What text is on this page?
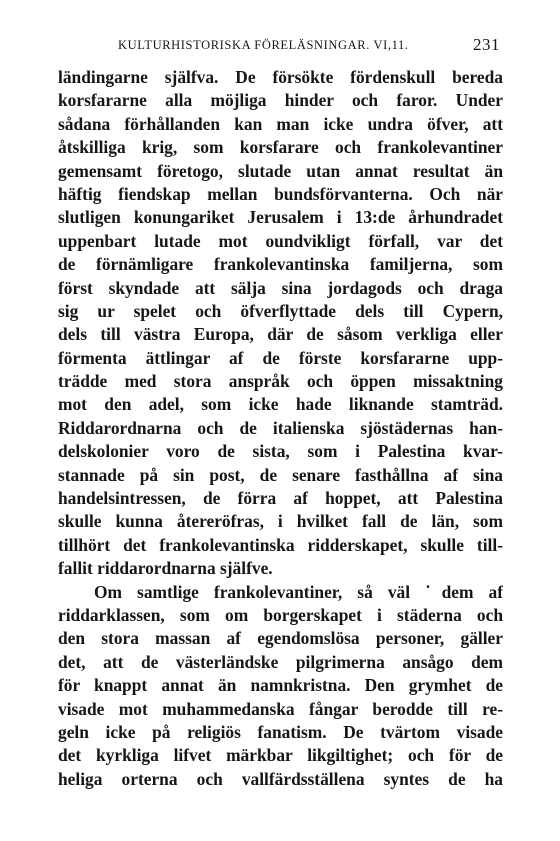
KULTURHISTORISKA FÖRELÄSNINGAR. VI,11.	231
ländingarne själfva. De försökte fördenskull bereda
korsfararne alla möjliga hinder och faror. Under
sådana förhållanden kan man icke undra öfver, att
åtskilliga krig, som korsfarare och frankolevantiner
gemensamt företogo, slutade utan annat resultat än
häftig fiendskap mellan bundsförvanterna. Och när
slutligen konungariket Jerusalem i 13:de århundradet
uppenbart lutade mot oundvikligt förfall, var det
de förnämligare frankolevantinska familjerna, som
först skyndade att sälja sina jordagods och draga
sig ur spelet och öfverflyttade dels till Cypern,
dels till västra Europa, där de såsom verkliga eller
förmenta ättlingar af de förste korsfararne upp-
trädde med stora anspråk och öppen missaktning
mot den adel, som icke hade liknande stamträd.
Riddarordnarna och de italienska sjöstädernas han-
delskolonier voro de sista, som i Palestina kvar-
stannade på sin post, de senare fasthållna af sina
handelsintressen, de förra af hoppet, att Palestina
skulle kunna återeröfras, i hvilket fall de län, som
tillhört det frankolevantinska ridderskapet, skulle till-
fallit riddarordnarna själfve.
Om samtlige frankolevantiner, så väl ˙dem af
riddarklassen, som om borgerskapet i städerna och
den stora massan af egendomslösa personer, gäller
det, att de västerländske pilgrimerna ansågo dem
för knappt annat än namnkristna. Den grymhet de
visade mot muhammedanska fångar berodde till re-
geln icke på religiös fanatism. De tvärtom visade
det kyrkliga lifvet märkbar likgiltighet; och för de
heliga orterna och vallfärdsställena syntes de ha
